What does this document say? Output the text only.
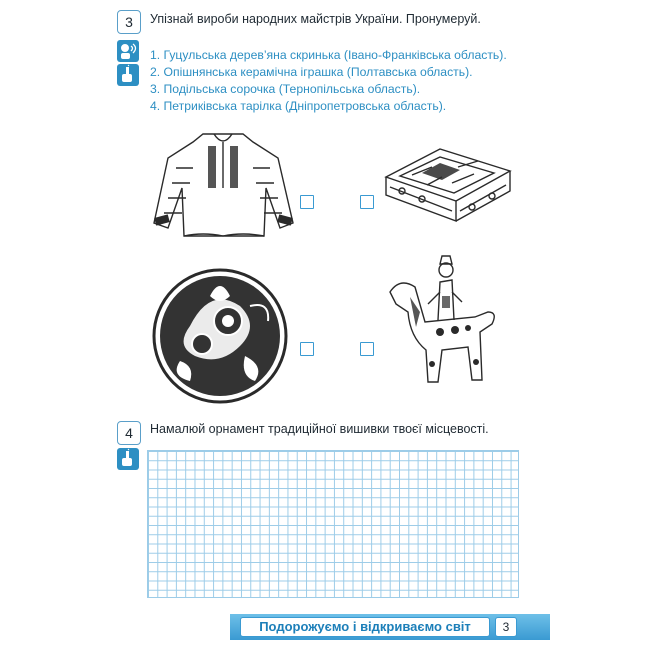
3	Упізнай вироби народних майстрів України. Пронумеруй.
1. Гуцульська дерев’яна скринька (Івано-Франківська область).
2. Опішнянська керамічна іграшка (Полтавська область).
3. Подільська сорочка (Тернопільська область).
4. Петриківська тарілка (Дніпропетровська область).
4	Намалюй орнамент традиційної вишивки твоєї місцевості.
Подорожуємо і відкриваємо світ	3
